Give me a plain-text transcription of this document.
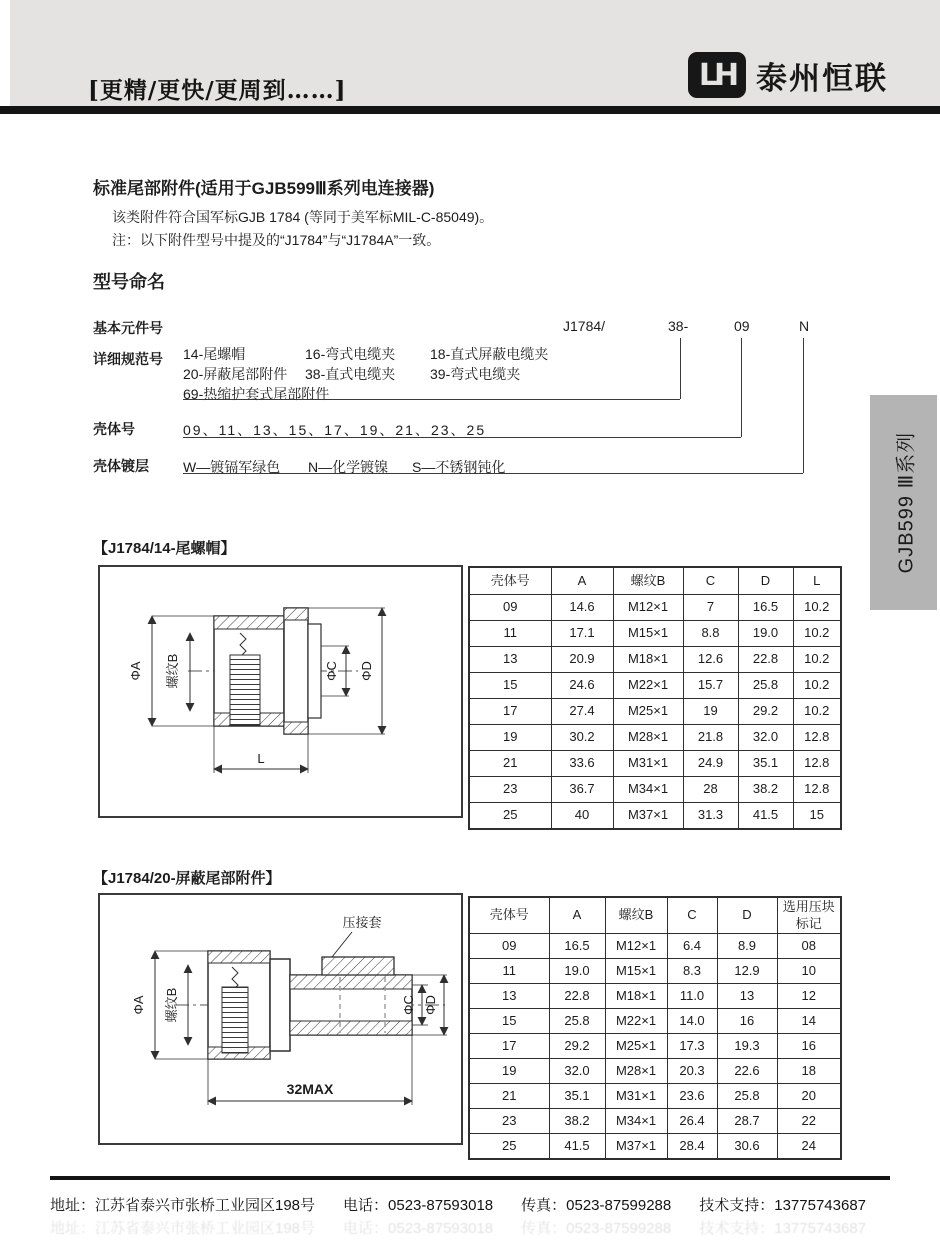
[更精/更快/更周到……]	LH 泰州恒联
标准尾部附件(适用于GJB599Ⅲ系列电连接器)
该类附件符合国军标GJB 1784 (等同于美军标MIL-C-85049)。
注：以下附件型号中提及的“J1784”与“J1784A”一致。
型号命名
基本元件号	J1784/	38-	09	N
详细规范号 14-尾螺帽	16-弯式电缆夹 18-直式屏蔽电缆夹
20-屏蔽尾部附件 38-直式电缆夹 39-弯式电缆夹
69-热缩护套式尾部附件
壳体号	09、11、13、15、17、19、21、23、25
壳体镀层 W—镀镉军绿色 N—化学镀镍 S—不锈钢钝化	GJB599 Ⅲ系列
【J1784/14-尾螺帽】
ΦA 螺纹B	ΦC ΦD
L
壳体号	A	螺纹B	C	D	L
09	14.6	M12×1	7	16.5	10.2
11	17.1	M15×1	8.8	19.0	10.2
13	20.9	M18×1	12.6	22.8	10.2
15	24.6	M22×1	15.7	25.8	10.2
17	27.4	M25×1	19	29.2	10.2
19	30.2	M28×1	21.8	32.0	12.8
21	33.6	M31×1	24.9	35.1	12.8
23	36.7	M34×1	28	38.2	12.8
25	40	M37×1	31.3	41.5	15
【J1784/20-屏蔽尾部附件】
压接套
ΦA 螺纹B	ΦC ΦD
32MAX
壳体号	A	螺纹B	C	D	选用压块标记
09	16.5	M12×1	6.4	8.9	08
11	19.0	M15×1	8.3	12.9	10
13	22.8	M18×1	11.0	13	12
15	25.8	M22×1	14.0	16	14
17	29.2	M25×1	17.3	19.3	16
19	32.0	M28×1	20.3	22.6	18
21	35.1	M31×1	23.6	25.8	20
23	38.2	M34×1	26.4	28.7	22
25	41.5	M37×1	28.4	30.6	24
地址：江苏省泰兴市张桥工业园区198号 电话：0523-87593018 传真：0523-87599288 技术支持：13775743687
地址：江苏省泰兴市张桥工业园区198号 电话：0523-87593018 传真：0523-87599288 技术支持：13775743687
